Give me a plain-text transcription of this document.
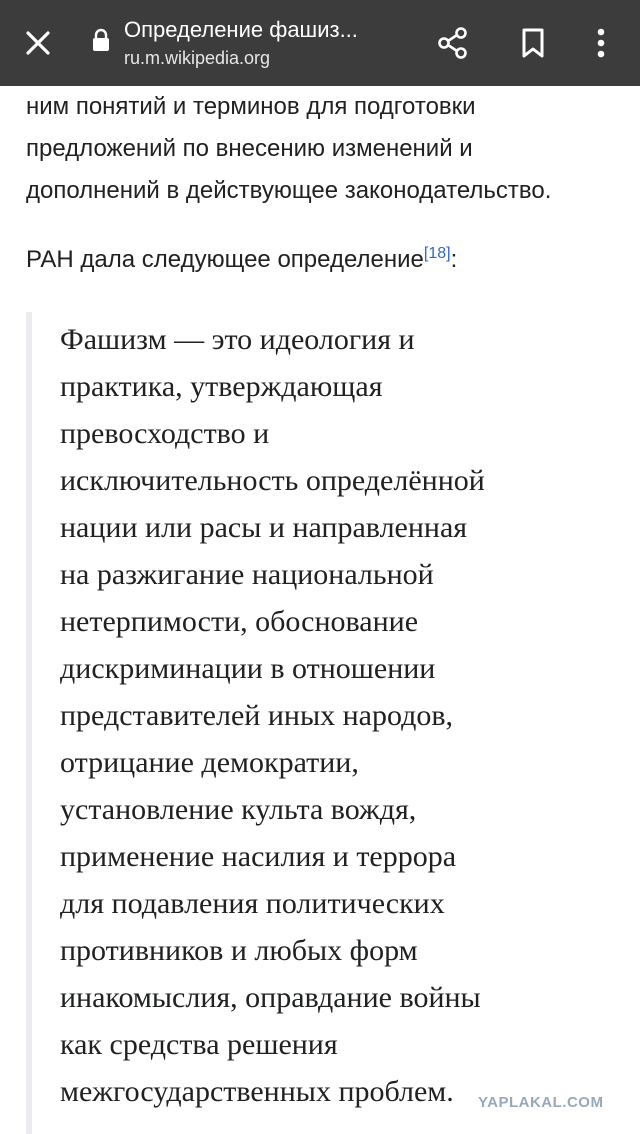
Определение фашиз...
ru.m.wikipedia.org
ним понятий и терминов для подготовки
предложений по внесению изменений и
дополнений в действующее законодательство.
РАН дала следующее определение[18]:
Фашизм — это идеология и
практика, утверждающая
превосходство и
исключительность определённой
нации или расы и направленная
на разжигание национальной
нетерпимости, обоснование
дискриминации в отношении
представителей иных народов,
отрицание демократии,
установление культа вождя,
применение насилия и террора
для подавления политических
противников и любых форм
инакомыслия, оправдание войны
как средства решения
межгосударственных проблем.	YAPLAKAL.COM
